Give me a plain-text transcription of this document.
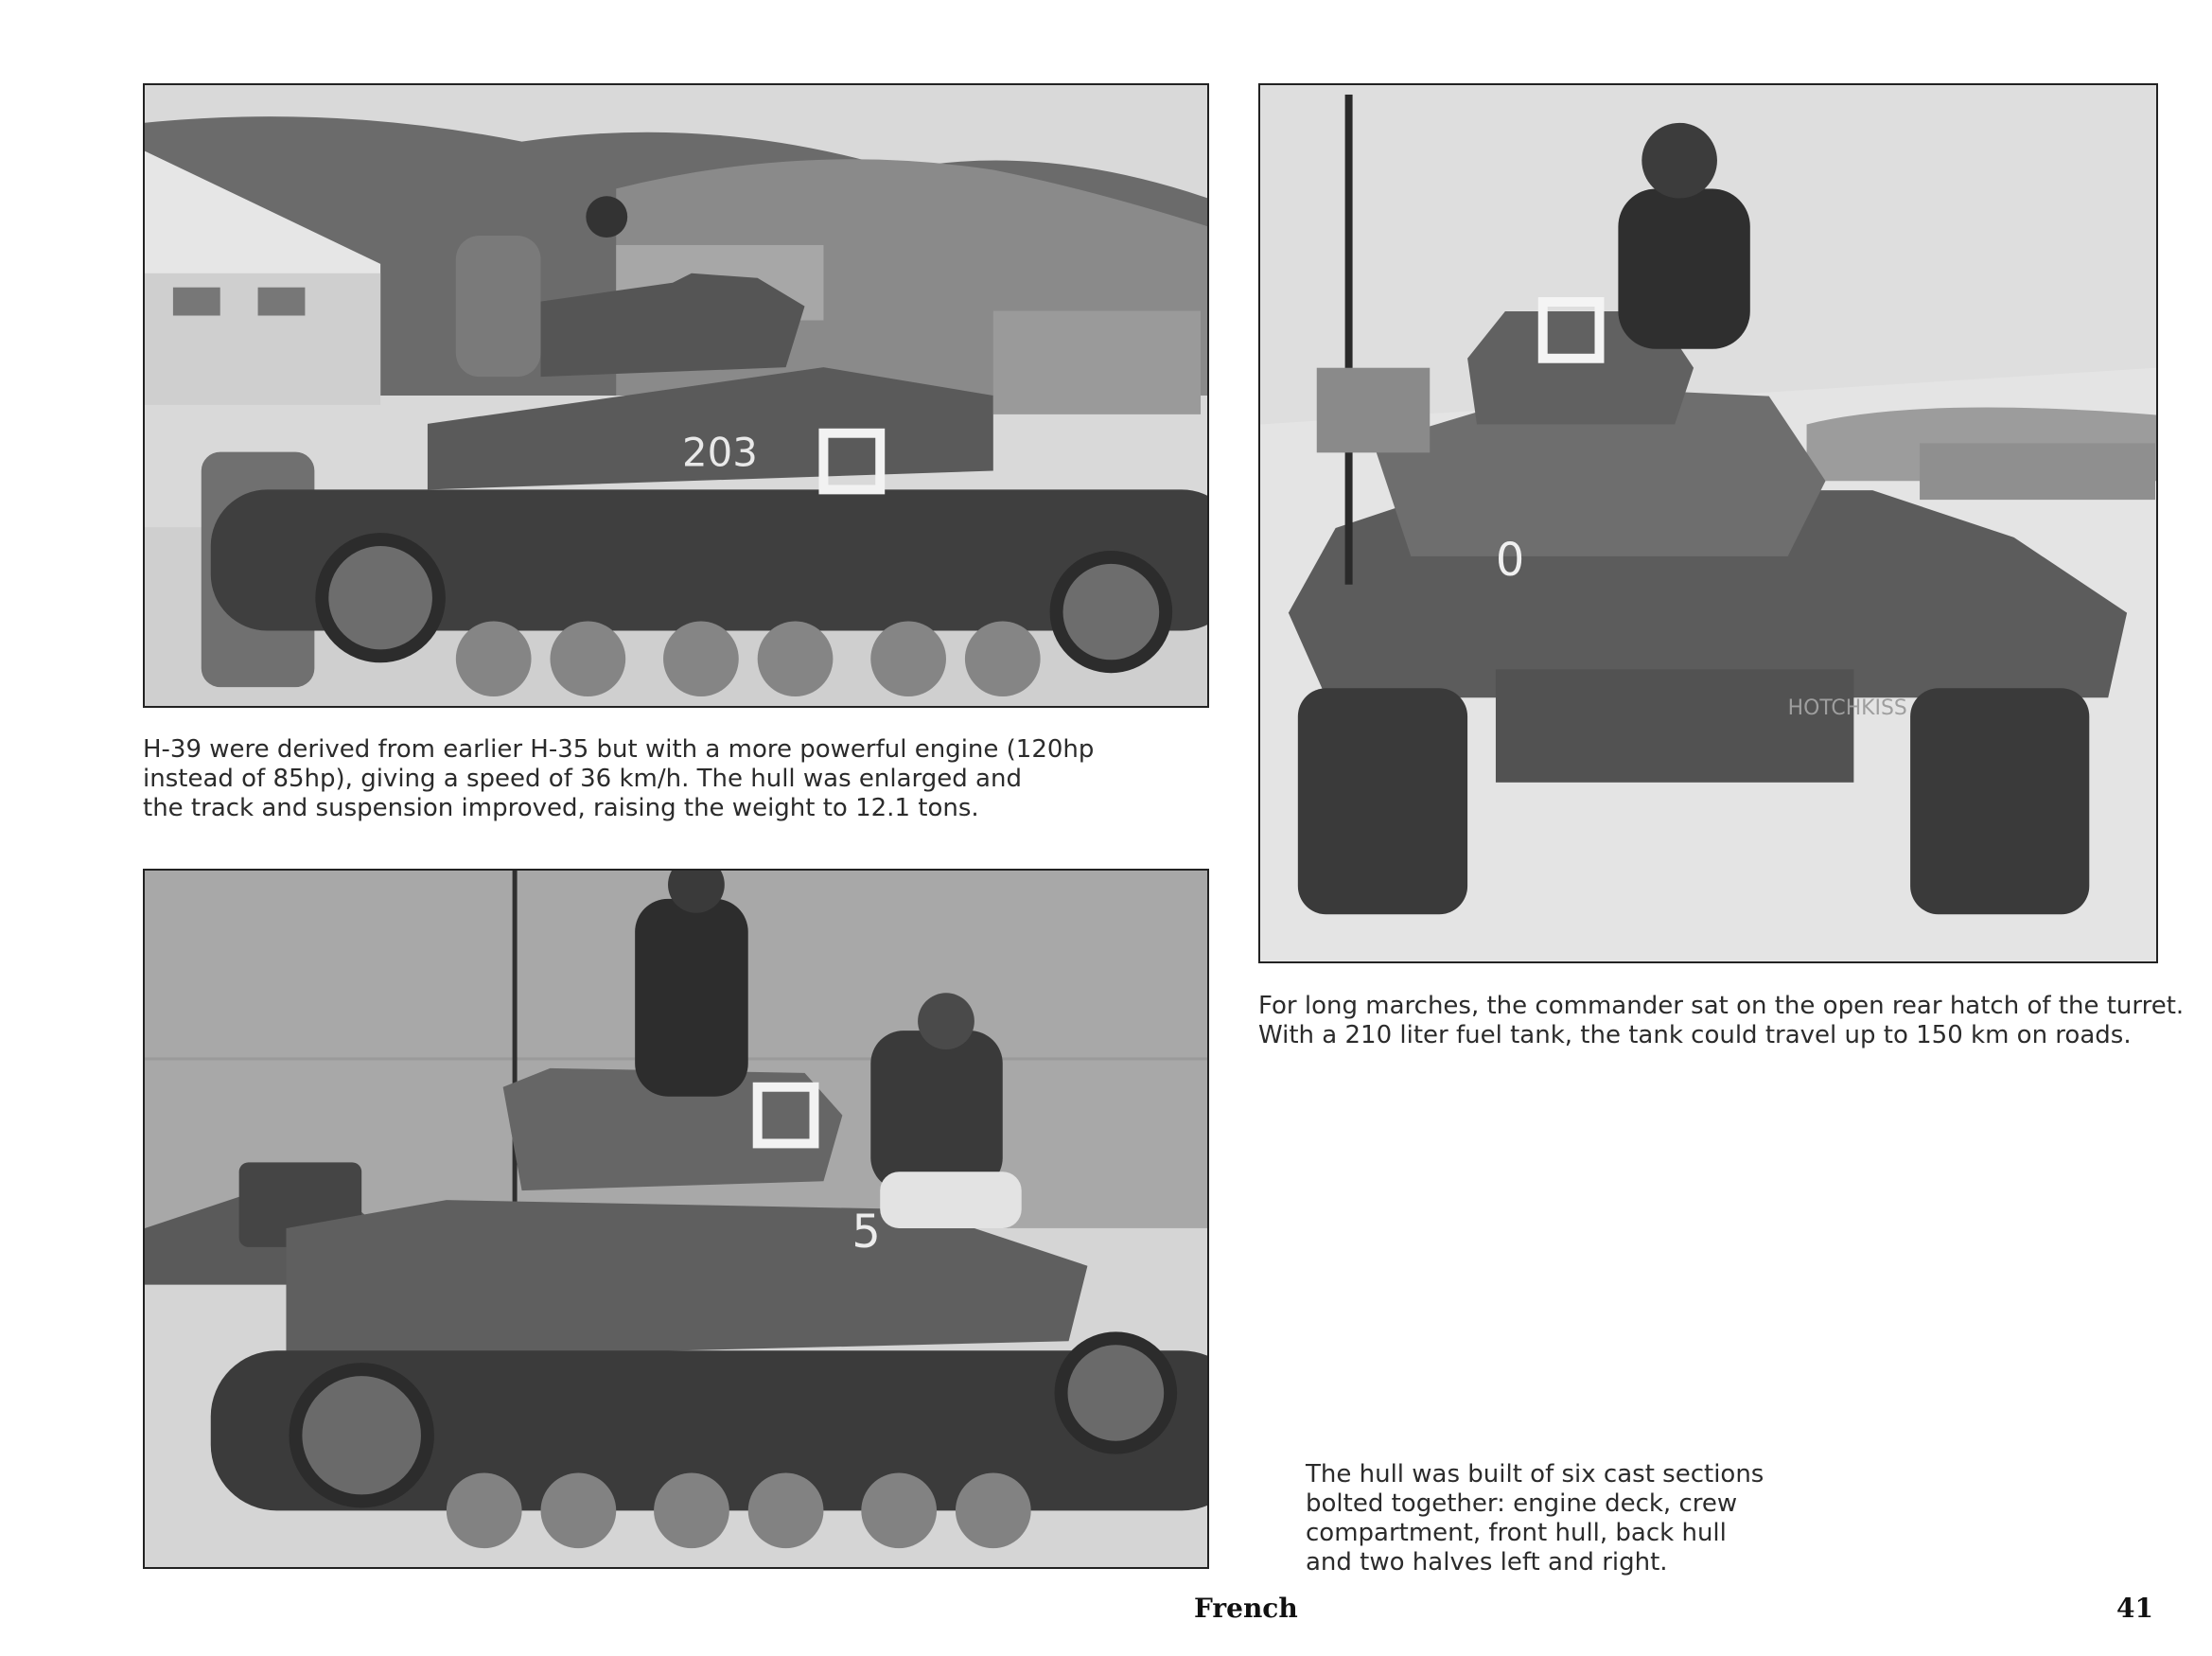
203

H-39 were derived from earlier H-35 but with a more powerful engine (120hp
instead of 85hp), giving a speed of 36 km/h. The hull was enlarged and
the track and suspension improved, raising the weight to 12.1 tons.

0
HOTCHKISS

For long marches, the commander sat on the open rear hatch of the turret.
With a 210 liter fuel tank, the tank could travel up to 150 km on roads.

5

The hull was built of six cast sections
bolted together: engine deck, crew
compartment, front hull, back hull
and two halves left and right.

French	41
